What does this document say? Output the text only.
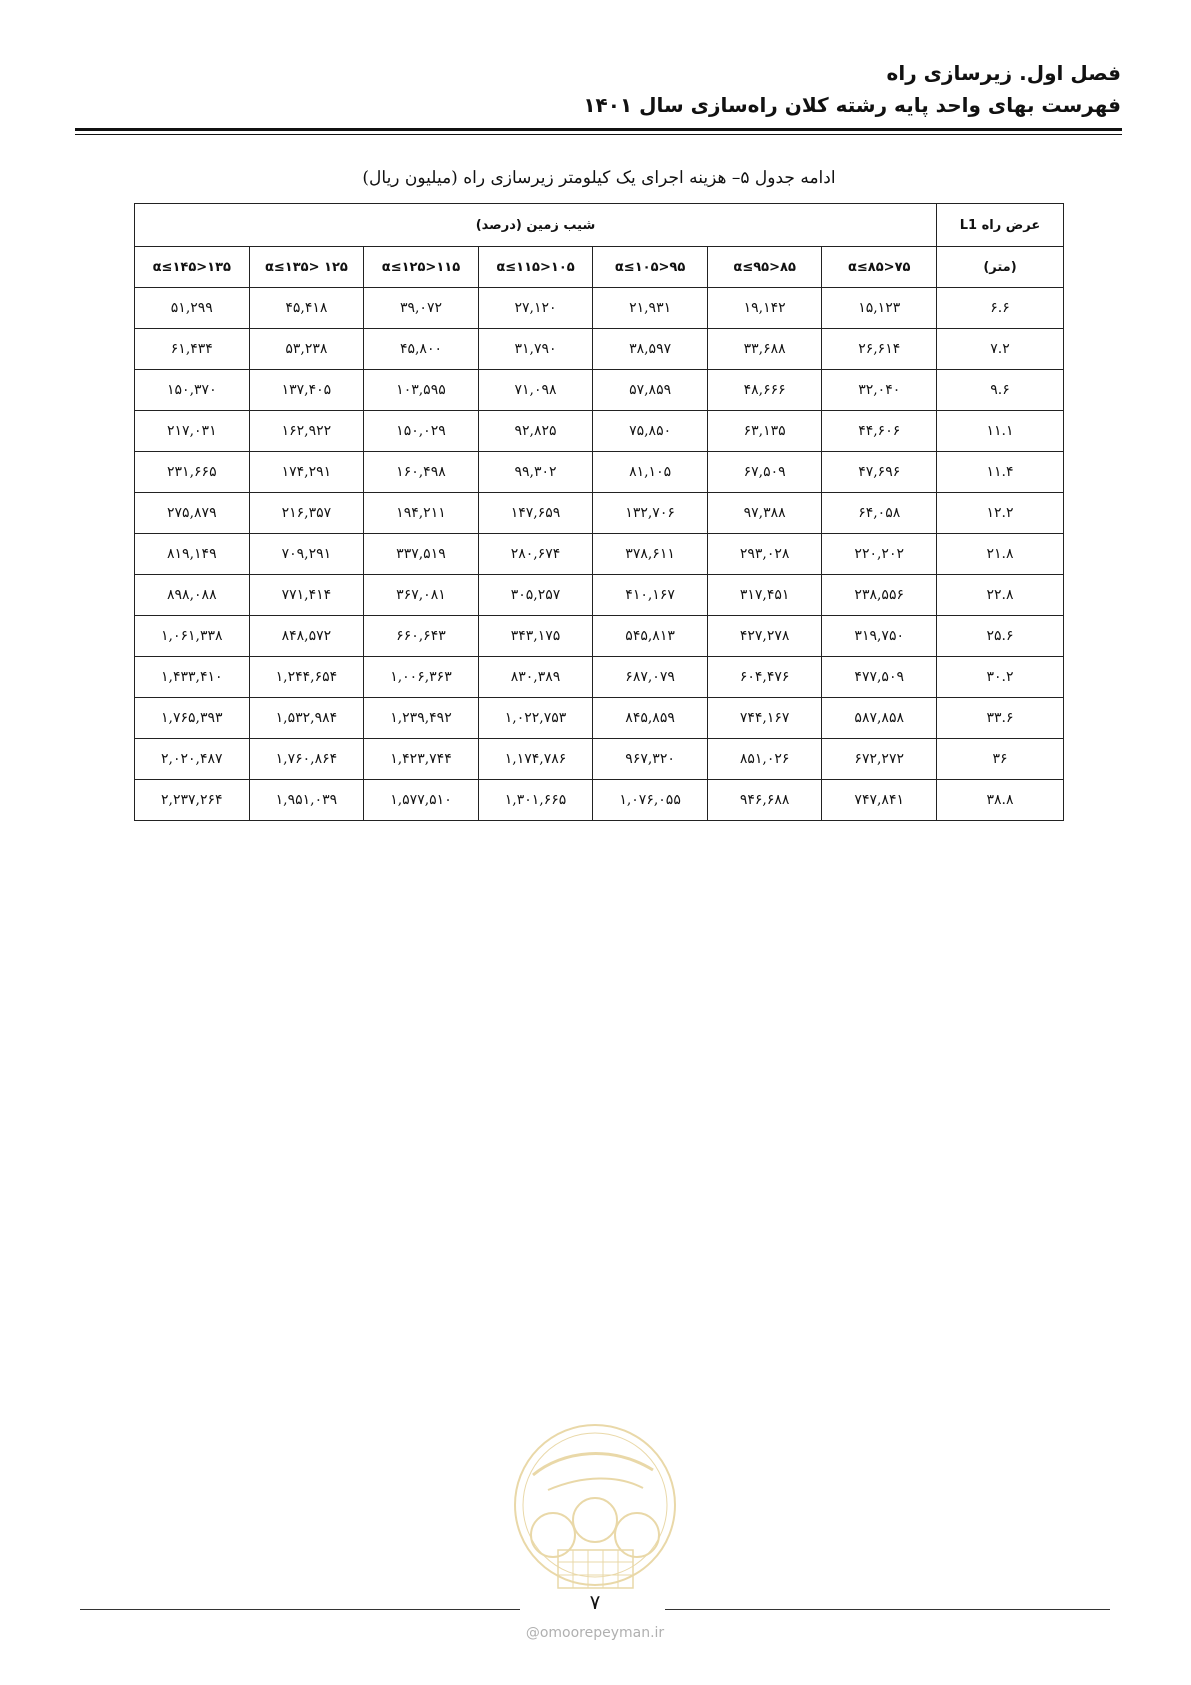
فصل اول. زیرسازی راه
فهرست بهای واحد پایه رشته کلان راه‌سازی سال ۱۴۰۱
ادامه جدول ۵– هزینه اجرای یک کیلومتر زیرسازی راه (میلیون ریال)
عرض راه L1	شیب زمین (درصد)						
(متر)	۷۵<α≤۸۵	۸۵<α≤۹۵	۹۵<α≤۱۰۵	۱۰۵<α≤۱۱۵	۱۱۵<α≤۱۲۵	۱۲۵ <α≤۱۳۵	۱۳۵<α≤۱۴۵
۶.۶	۱۵,۱۲۳	۱۹,۱۴۲	۲۱,۹۳۱	۲۷,۱۲۰	۳۹,۰۷۲	۴۵,۴۱۸	۵۱,۲۹۹
۷.۲	۲۶,۶۱۴	۳۳,۶۸۸	۳۸,۵۹۷	۳۱,۷۹۰	۴۵,۸۰۰	۵۳,۲۳۸	۶۱,۴۳۴
۹.۶	۳۲,۰۴۰	۴۸,۶۶۶	۵۷,۸۵۹	۷۱,۰۹۸	۱۰۳,۵۹۵	۱۳۷,۴۰۵	۱۵۰,۳۷۰
۱۱.۱	۴۴,۶۰۶	۶۳,۱۳۵	۷۵,۸۵۰	۹۲,۸۲۵	۱۵۰,۰۲۹	۱۶۲,۹۲۲	۲۱۷,۰۳۱
۱۱.۴	۴۷,۶۹۶	۶۷,۵۰۹	۸۱,۱۰۵	۹۹,۳۰۲	۱۶۰,۴۹۸	۱۷۴,۲۹۱	۲۳۱,۶۶۵
۱۲.۲	۶۴,۰۵۸	۹۷,۳۸۸	۱۳۲,۷۰۶	۱۴۷,۶۵۹	۱۹۴,۲۱۱	۲۱۶,۳۵۷	۲۷۵,۸۷۹
۲۱.۸	۲۲۰,۲۰۲	۲۹۳,۰۲۸	۳۷۸,۶۱۱	۲۸۰,۶۷۴	۳۳۷,۵۱۹	۷۰۹,۲۹۱	۸۱۹,۱۴۹
۲۲.۸	۲۳۸,۵۵۶	۳۱۷,۴۵۱	۴۱۰,۱۶۷	۳۰۵,۲۵۷	۳۶۷,۰۸۱	۷۷۱,۴۱۴	۸۹۸,۰۸۸
۲۵.۶	۳۱۹,۷۵۰	۴۲۷,۲۷۸	۵۴۵,۸۱۳	۳۴۳,۱۷۵	۶۶۰,۶۴۳	۸۴۸,۵۷۲	۱,۰۶۱,۳۳۸
۳۰.۲	۴۷۷,۵۰۹	۶۰۴,۴۷۶	۶۸۷,۰۷۹	۸۳۰,۳۸۹	۱,۰۰۶,۳۶۳	۱,۲۴۴,۶۵۴	۱,۴۳۳,۴۱۰
۳۳.۶	۵۸۷,۸۵۸	۷۴۴,۱۶۷	۸۴۵,۸۵۹	۱,۰۲۲,۷۵۳	۱,۲۳۹,۴۹۲	۱,۵۳۲,۹۸۴	۱,۷۶۵,۳۹۳
۳۶	۶۷۲,۲۷۲	۸۵۱,۰۲۶	۹۶۷,۳۲۰	۱,۱۷۴,۷۸۶	۱,۴۲۳,۷۴۴	۱,۷۶۰,۸۶۴	۲,۰۲۰,۴۸۷
۳۸.۸	۷۴۷,۸۴۱	۹۴۶,۶۸۸	۱,۰۷۶,۰۵۵	۱,۳۰۱,۶۶۵	۱,۵۷۷,۵۱۰	۱,۹۵۱,۰۳۹	۲,۲۳۷,۲۶۴
۷
@omoorepeyman.ir
